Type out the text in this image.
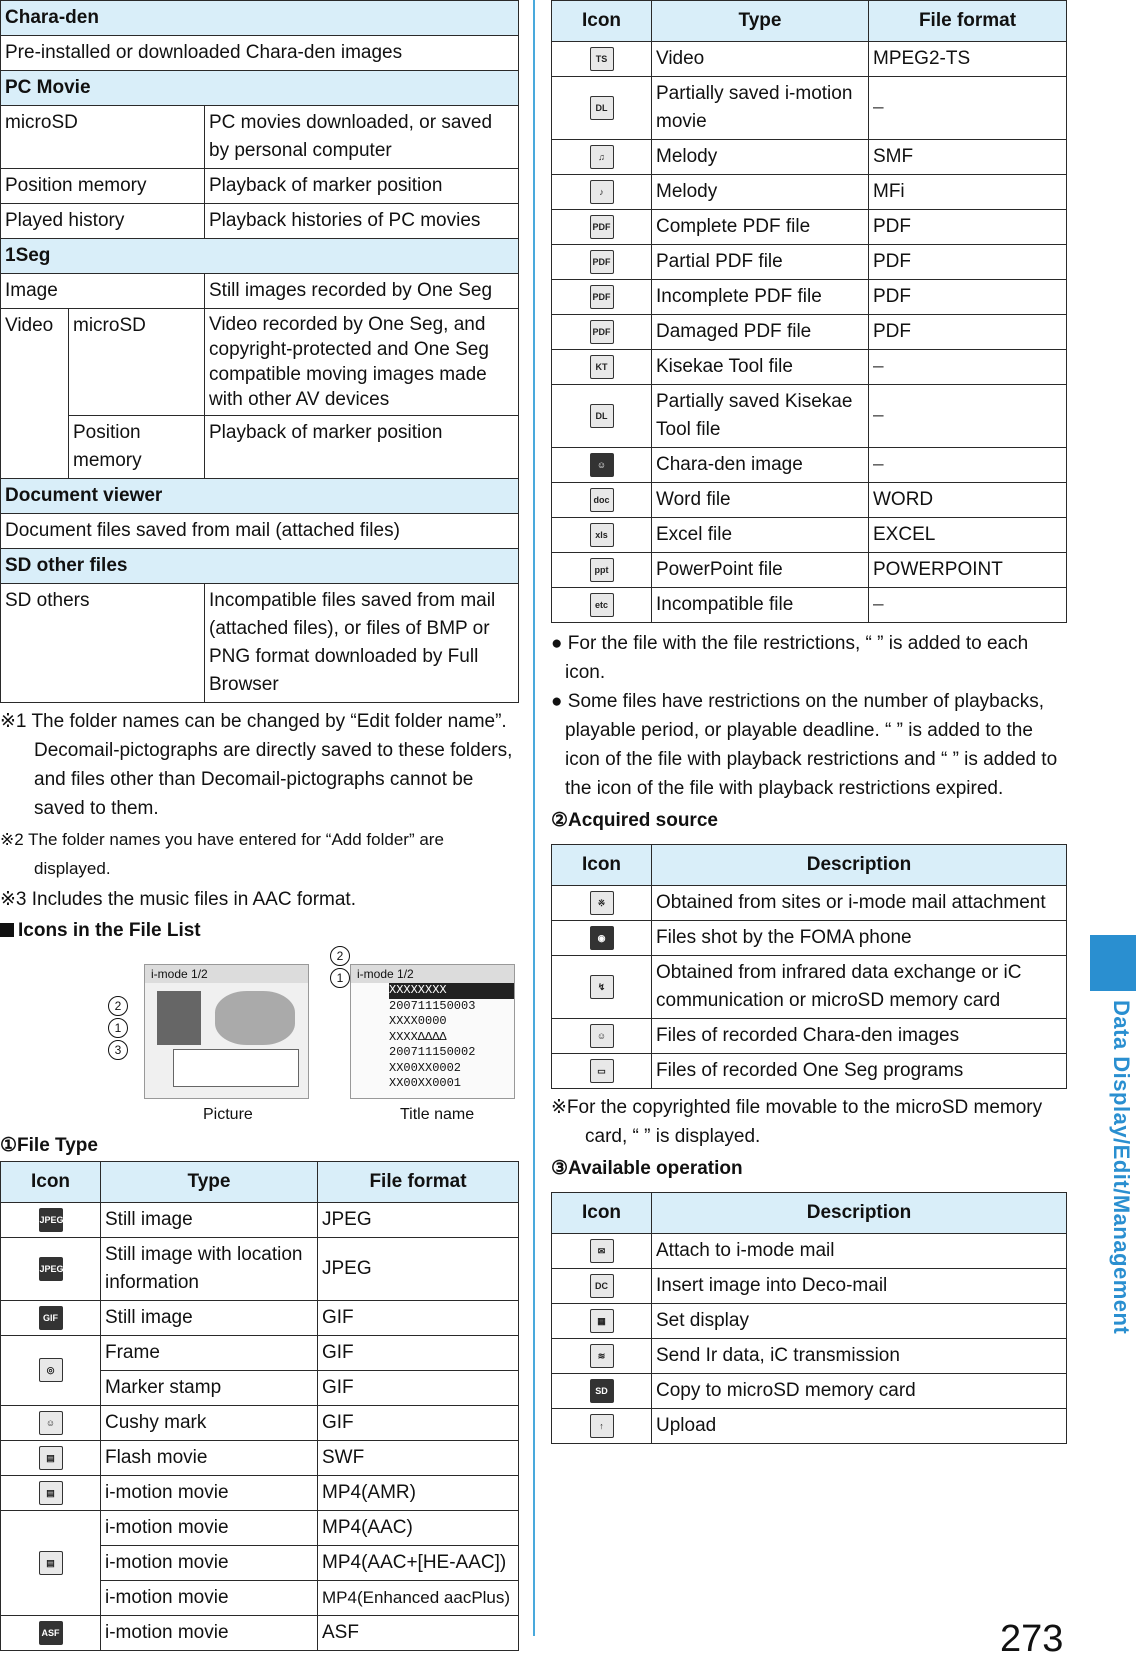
Chara-den		
Pre-installed or downloaded Chara-den images		
PC Movie		
microSD		PC movies downloaded, or saved by personal computer
Position memory		Playback of marker position
Played history		Playback histories of PC movies
1Seg		
Image		Still images recorded by One Seg
Video	microSD	Video recorded by One Seg, and copyright-protected and One Seg compatible moving images made with other AV devices
	Position memory	Playback of marker position
Document viewer		
Document files saved from mail (attached files)		
SD other files		
SD others		Incompatible files saved from mail (attached files), or files of BMP or PNG format downloaded by Full Browser
※1 The folder names can be changed by “Edit folder name”. Decomail-pictographs are directly saved to these folders, and files other than Decomail-pictographs cannot be saved to them.
※2 The folder names you have entered for “Add folder” are displayed.
※3 Includes the music files in AAC format.
Icons in the File List
i-mode 1/2	i-mode 1/2
XXXXXXXX
200711150003
XXXX0000
XXXXΔΔΔΔ
200711150002
XX00XX0002
XX00XX0001
2
1
3
2
1
Picture	Title name
①File Type
Icon	Type	File format
JPEG	Still image	JPEG
JPEG	Still image with location information	JPEG
GIF	Still image	GIF
◎	Frame	GIF
	Marker stamp	GIF
☺	Cushy mark	GIF
▤	Flash movie	SWF
▤	i-motion movie	MP4(AMR)
▤	i-motion movie	MP4(AAC)
	i-motion movie	MP4(AAC+[HE-AAC])
	i-motion movie	MP4(Enhanced aacPlus)
ASF	i-motion movie	ASF
Icon	Type	File format
TS	Video	MPEG2-TS
DL	Partially saved i-motion movie	–
♫	Melody	SMF
♪	Melody	MFi
PDF	Complete PDF file	PDF
PDF	Partial PDF file	PDF
PDF	Incomplete PDF file	PDF
PDF	Damaged PDF file	PDF
KT	Kisekae Tool file	–
DL	Partially saved Kisekae Tool file	–
☺	Chara-den image	–
doc	Word file	WORD
xls	Excel file	EXCEL
ppt	PowerPoint file	POWERPOINT
etc	Incompatible file	–
● For the file with the file restrictions, “ ” is added to each icon.
● Some files have restrictions on the number of playbacks, playable period, or playable deadline. “ ” is added to the icon of the file with playback restrictions and “ ” is added to the icon of the file with playback restrictions expired.
②Acquired source
Icon	Description
※	Obtained from sites or i-mode mail attachment
◉	Files shot by the FOMA phone
↯	Obtained from infrared data exchange or iC communication or microSD memory card
☺	Files of recorded Chara-den images
▭	Files of recorded One Seg programs
※For the copyrighted file movable to the microSD memory card, “ ” is displayed.
③Available operation
Icon	Description
✉	Attach to i-mode mail
DC	Insert image into Deco-mail
▦	Set display
≋	Send Ir data, iC transmission
SD	Copy to microSD memory card
↑	Upload
Data Display/Edit/Management
273
